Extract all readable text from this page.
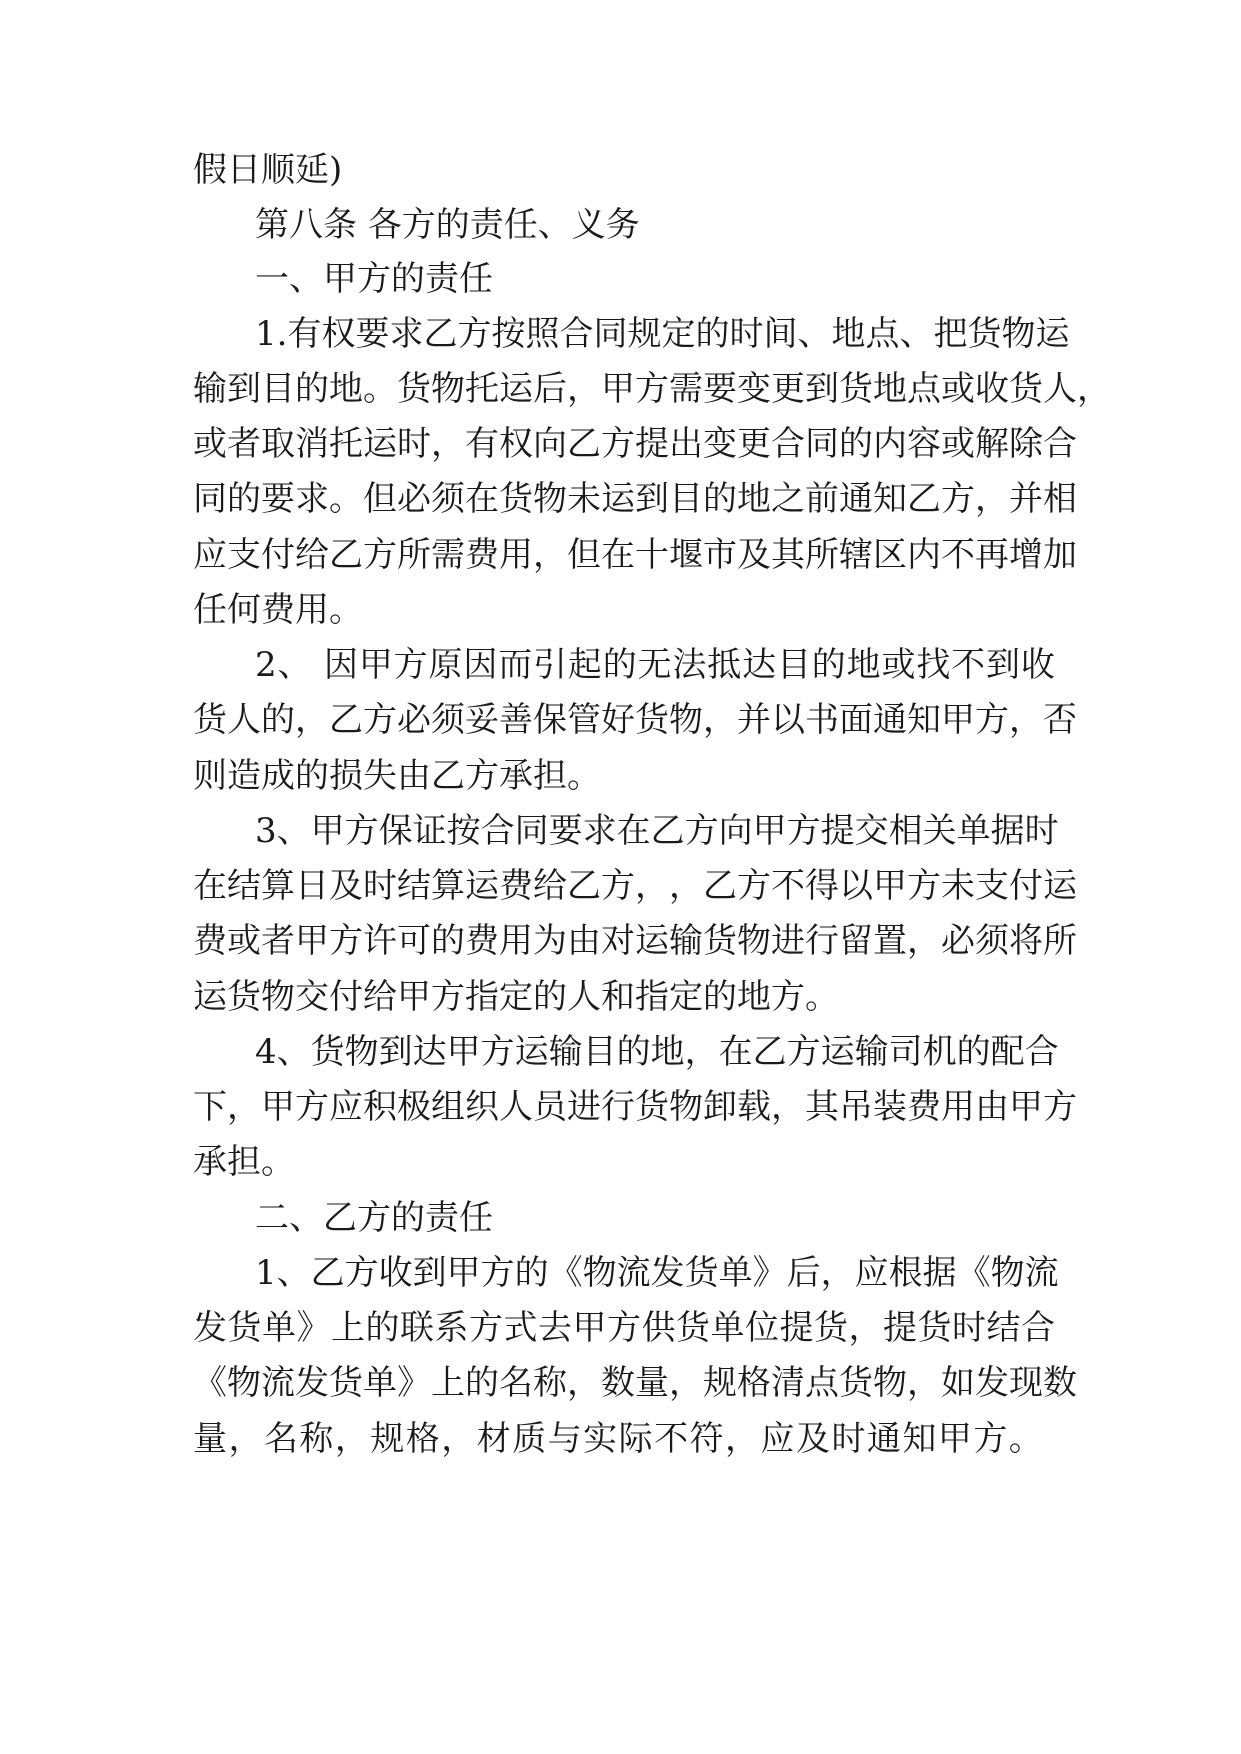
假日顺延)
第八条 各方的责任、义务
一、甲方的责任
1 . 有 权 要 求 乙 方 按 照 合 同 规 定 的 时 间 、 地 点 、 把 货 物 运
输 到 目 的 地 。 货 物 托 运 后 ， 甲 方 需 要 变 更 到 货 地 点 或 收 货 人 ，
或 者 取 消 托 运 时 ， 有 权 向 乙 方 提 出 变 更 合 同 的 内 容 或 解 除 合
同 的 要 求 。 但 必 须 在 货 物 未 运 到 目 的 地 之 前 通 知 乙 方 ， 并 相
应 支 付 给 乙 方 所 需 费 用 ， 但 在 十 堰 市 及 其 所 辖 区 内 不 再 增 加
任何费用。
2 、
因 甲 方 原 因 而 引 起 的 无 法 抵 达 目 的 地 或 找 不 到 收
货 人 的 ， 乙 方 必 须 妥 善 保 管 好 货 物 ， 并 以 书 面 通 知 甲 方 ， 否
则造成的损失由乙方承担。
3 、 甲 方 保 证 按 合 同 要 求 在 乙 方 向 甲 方 提 交 相 关 单 据 时
在 结 算 日 及 时 结 算 运 费 给 乙 方 ， ， 乙 方 不 得 以 甲 方 未 支 付 运
费 或 者 甲 方 许 可 的 费 用 为 由 对 运 输 货 物 进 行 留 置 ， 必 须 将 所
运货物交付给甲方指定的人和指定的地方。
4 、 货 物 到 达 甲 方 运 输 目 的 地 ， 在 乙 方 运 输 司 机 的 配 合
下 ， 甲 方 应 积 极 组 织 人 员 进 行 货 物 卸 载 ， 其 吊 装 费 用 由 甲 方
承担。
二、乙方的责任
1 、 乙 方 收 到 甲 方 的 《 物 流 发 货 单 》 后 ， 应 根 据 《 物 流
发 货 单 》 上 的 联 系 方 式 去 甲 方 供 货 单 位 提 货 ， 提 货 时 结 合
《 物 流 发 货 单 》 上 的 名 称 ， 数 量 ， 规 格 清 点 货 物 ， 如 发 现 数
量 ， 名 称 ， 规 格 ， 材 质 与 实 际 不 符 ， 应 及 时 通 知 甲 方 。
